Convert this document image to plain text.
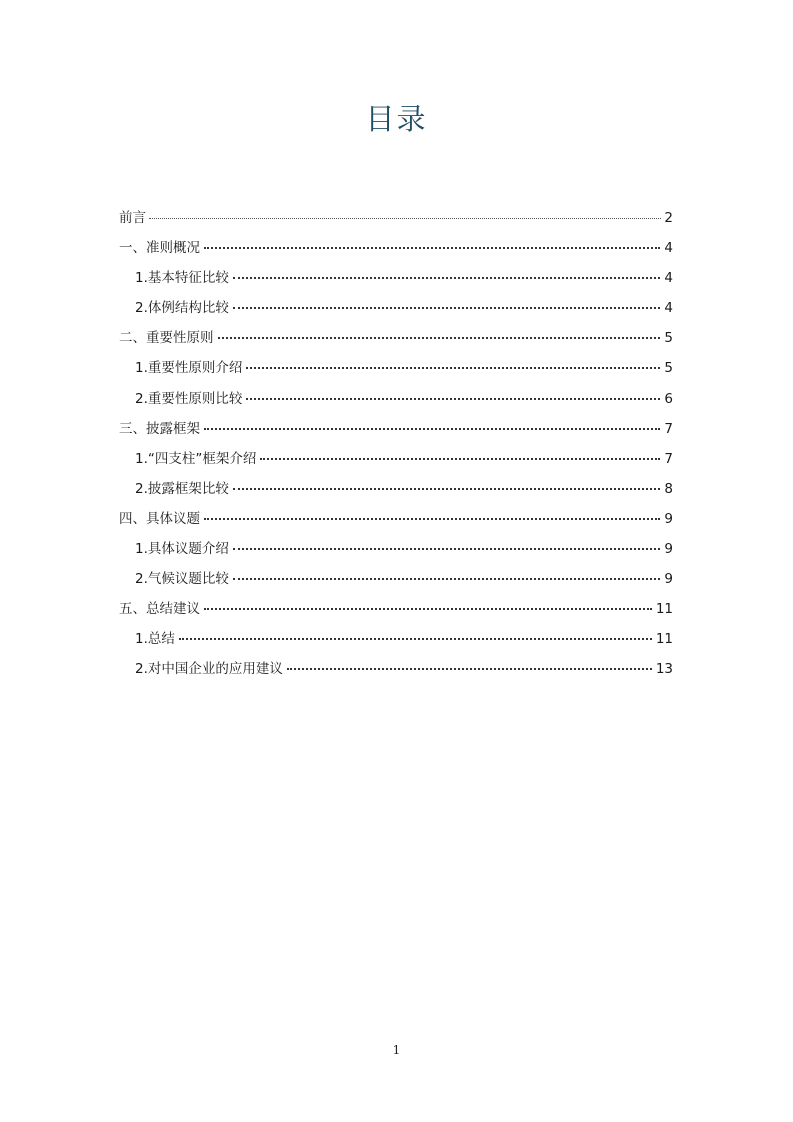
目录
前言	2
一、准则概况	4
1.基本特征比较	4
2.体例结构比较	4
二、重要性原则	5
1.重要性原则介绍	5
2.重要性原则比较	6
三、披露框架	7
1.“四支柱”框架介绍	7
2.披露框架比较	8
四、具体议题	9
1.具体议题介绍	9
2.气候议题比较	9
五、总结建议	11
1.总结	11
2.对中国企业的应用建议	13
1
